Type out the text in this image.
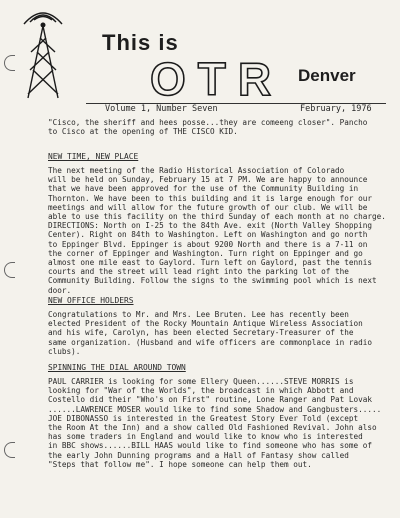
This is
O T R Denver
Volume 1, Number Seven	February, 1976

"Cisco, the sheriff and hees posse...they are comeeng closer". Pancho
to Cisco at the opening of THE CISCO KID.

NEW TIME, NEW PLACE

The next meeting of the Radio Historical Association of Colorado
will be held on Sunday, February 15 at 7 PM. We are happy to announce
that we have been approved for the use of the Community Building in
Thornton. We have been to this building and it is large enough for our
meetings and will allow for the future growth of our club. We will be
able to use this facility on the third Sunday of each month at no charge.
DIRECTIONS: North on I-25 to the 84th Ave. exit (North Valley Shopping
Center). Right on 84th to Washington. Left on Washington and go north
to Eppinger Blvd. Eppinger is about 9200 North and there is a 7-11 on
the corner of Eppinger and Washington. Turn right on Eppinger and go
almost one mile east to Gaylord. Turn left on Gaylord, past the tennis
courts and the street will lead right into the parking lot of the
Community Building. Follow the signs to the swimming pool which is next
door.

NEW OFFICE HOLDERS

Congratulations to Mr. and Mrs. Lee Bruten. Lee has recently been
elected President of the Rocky Mountain Antique Wireless Association
and his wife, Carolyn, has been elected Secretary-Treasurer of the
same organization. (Husband and wife officers are commonplace in radio
clubs).

SPINNING THE DIAL AROUND TOWN

PAUL CARRIER is looking for some Ellery Queen......STEVE MORRIS is
looking for "War of the Worlds", the broadcast in which Abbott and
Costello did their "Who's on First" routine, Lone Ranger and Pat Lovak
......LAWRENCE MOSER would like to find some Shadow and Gangbusters.....
JOE DIBONASSO is interested in the Greatest Story Ever Told (except
the Room At the Inn) and a show called Old Fashioned Revival. John also
has some traders in England and would like to know who is interested
in BBC shows......BILL HAAS would like to find someone who has some of
the early John Dunning programs and a Hall of Fantasy show called
"Steps that follow me". I hope someone can help them out.
